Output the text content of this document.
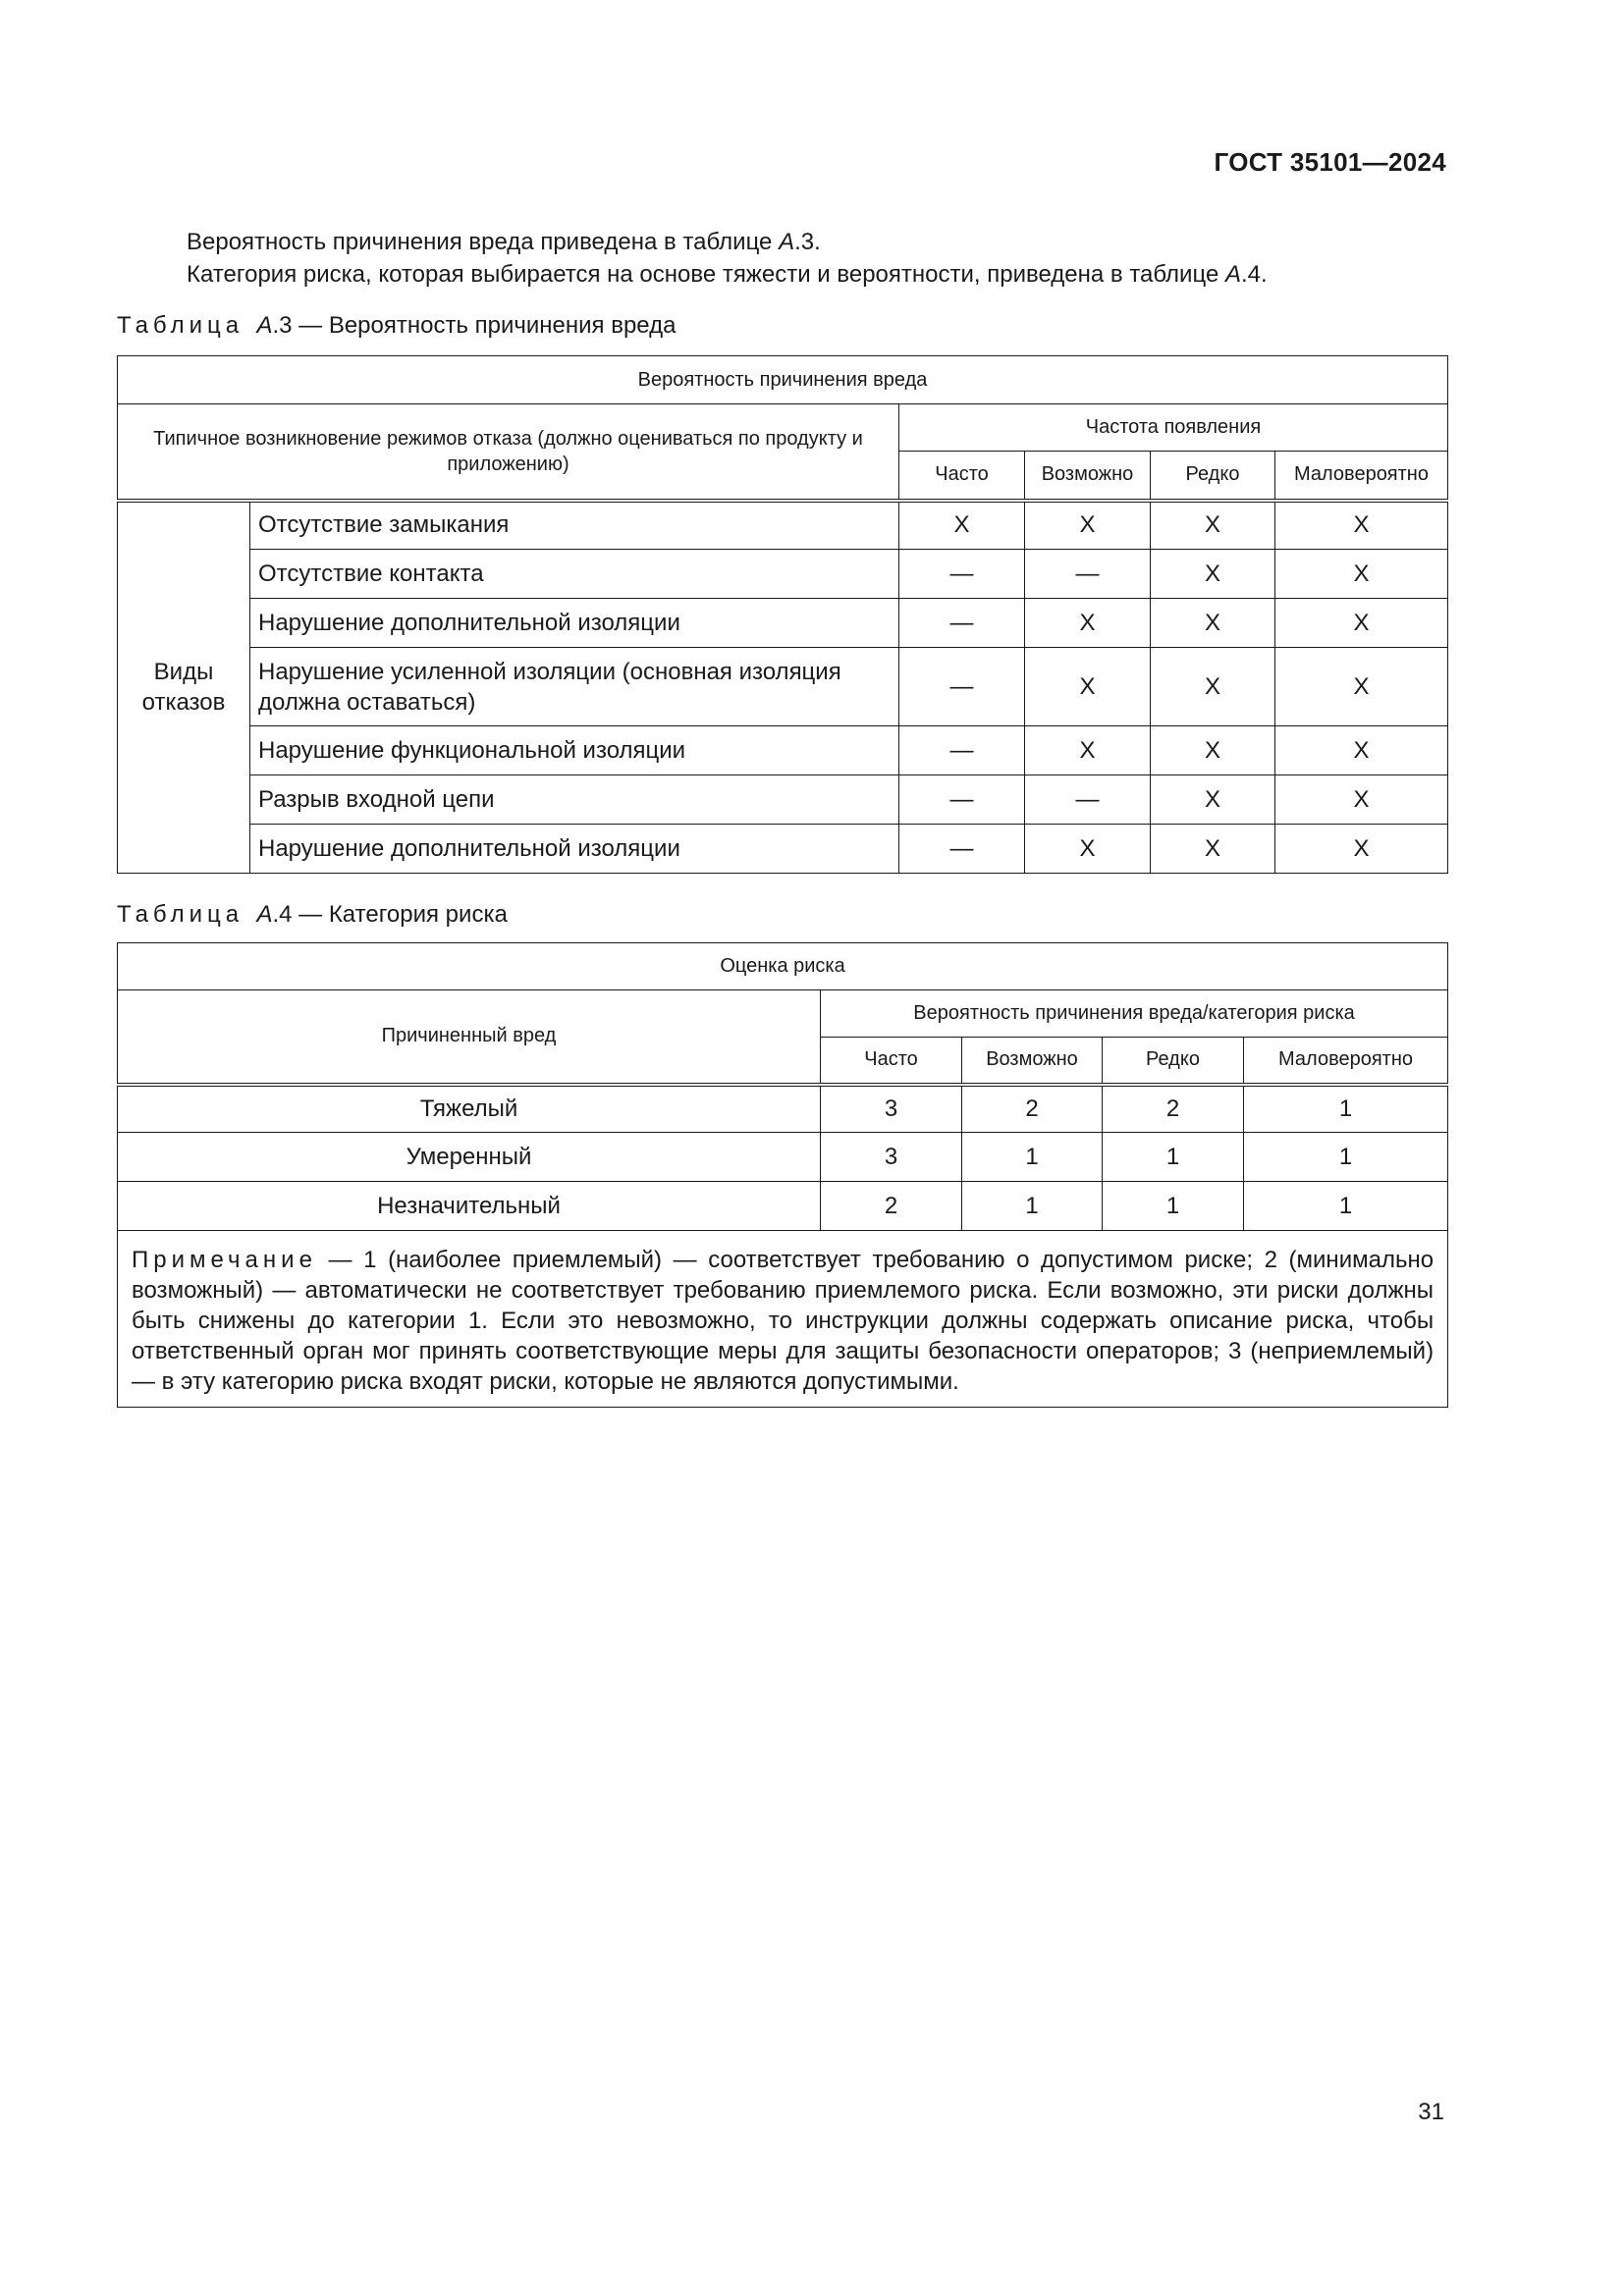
ГОСТ 35101—2024

Вероятность причинения вреда приведена в таблице А.3.

Категория риска, которая выбирается на основе тяжести и вероятности, приведена в таблице А.4.

Таблица А.3 — Вероятность причинения вреда
Вероятность причинения вреда					
Типичное возникновение режимов отказа (должно оцениваться по продукту и приложению)		Частота появления			
		Часто	Возможно	Редко	Маловероятно
Виды отказов	Отсутствие замыкания	X	X	X	X
	Отсутствие контакта	—	—	X	X
	Нарушение дополнительной изоляции	—	X	X	X
	Нарушение усиленной изоляции (основная изоляция должна оставаться)	—	X	X	X
	Нарушение функциональной изоляции	—	X	X	X
	Разрыв входной цепи	—	—	X	X
	Нарушение дополнительной изоляции	—	X	X	X
Таблица А.4 — Категория риска
Оценка риска				
Причиненный вред	Вероятность причинения вреда/категория риска			
	Часто	Возможно	Редко	Маловероятно
Тяжелый	3	2	2	1
Умеренный	3	1	1	1
Незначительный	2	1	1	1
Примечание — 1 (наиболее приемлемый) — соответствует требованию о допустимом риске; 2 (минимально возможный) — автоматически не соответствует требованию приемлемого риска. Если возможно, эти риски должны быть снижены до категории 1. Если это невозможно, то инструкции должны содержать описание риска, чтобы ответственный орган мог принять соответствующие меры для защиты безопасности операторов; 3 (неприемлемый) — в эту категорию риска входят риски, которые не являются допустимыми.				
31
